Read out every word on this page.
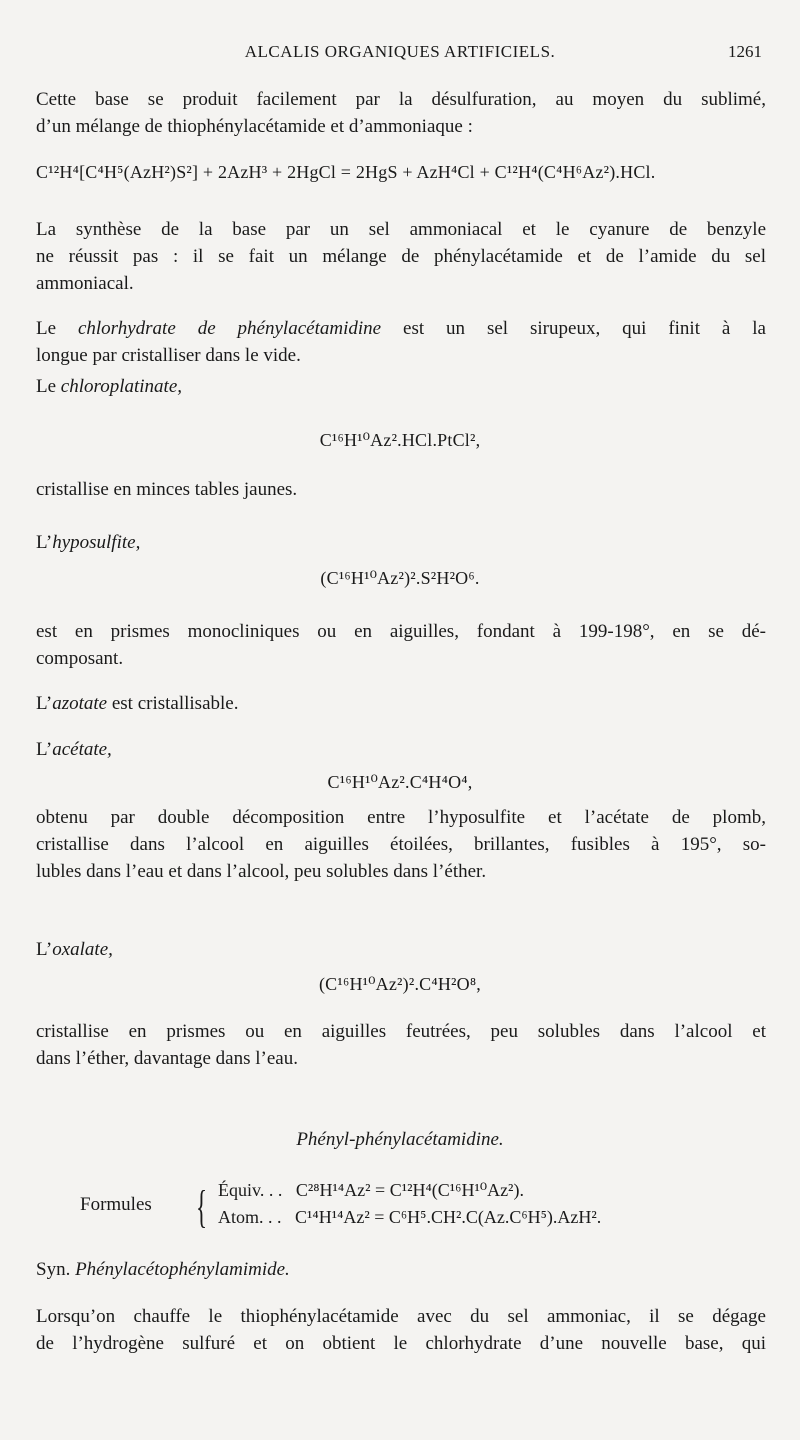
ALCALIS ORGANIQUES ARTIFICIELS.	1261
Cette base se produit facilement par la désulfuration, au moyen du sublimé,
d’un mélange de thiophénylacétamide et d’ammoniaque :
C¹²H⁴[C⁴H⁵(AzH²)S²] + 2AzH³ + 2HgCl = 2HgS + AzH⁴Cl + C¹²H⁴(C⁴H⁶Az²).HCl.
La synthèse de la base par un sel ammoniacal et le cyanure de benzyle
ne réussit pas : il se fait un mélange de phénylacétamide et de l’amide du sel
ammoniacal.
Le chlorhydrate de phénylacétamidine est un sel sirupeux, qui finit à la
longue par cristalliser dans le vide.
Le chloroplatinate,
C¹⁶H¹⁰Az².HCl.PtCl²,
cristallise en minces tables jaunes.
L’hyposulfite,
(C¹⁶H¹⁰Az²)².S²H²O⁶.
est en prismes monocliniques ou en aiguilles, fondant à 199-198°, en se dé-
composant.
L’azotate est cristallisable.
L’acétate,
C¹⁶H¹⁰Az².C⁴H⁴O⁴,
obtenu par double décomposition entre l’hyposulfite et l’acétate de plomb,
cristallise dans l’alcool en aiguilles étoilées, brillantes, fusibles à 195°, so-
lubles dans l’eau et dans l’alcool, peu solubles dans l’éther.
L’oxalate,
(C¹⁶H¹⁰Az²)².C⁴H²O⁸,
cristallise en prismes ou en aiguilles feutrées, peu solubles dans l’alcool et
dans l’éther, davantage dans l’eau.
Phényl-phénylacétamidine.
Formules { Équiv. . . C²⁸H¹⁴Az² = C¹²H⁴(C¹⁶H¹⁰Az²).
Atom. . . C¹⁴H¹⁴Az² = C⁶H⁵.CH².C(Az.C⁶H⁵).AzH².
Syn. Phénylacétophénylamimide.
Lorsqu’on chauffe le thiophénylacétamide avec du sel ammoniac, il se dégage
de l’hydrogène sulfuré et on obtient le chlorhydrate d’une nouvelle base, qui
